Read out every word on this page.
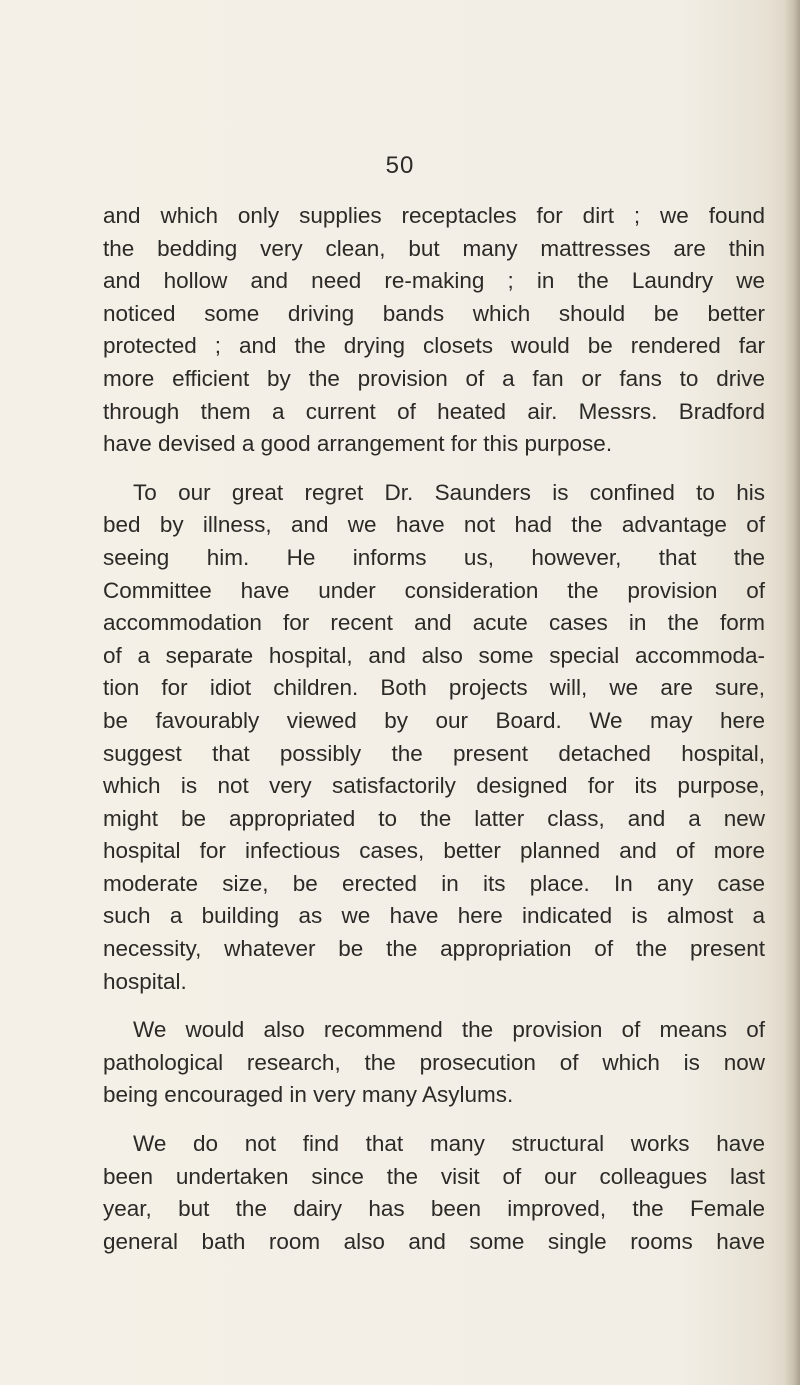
50

and which only supplies receptacles for dirt ; we found
the bedding very clean, but many mattresses are thin
and hollow and need re-making ; in the Laundry we
noticed some driving bands which should be better
protected ; and the drying closets would be rendered far
more efficient by the provision of a fan or fans to drive
through them a current of heated air. Messrs. Bradford
have devised a good arrangement for this purpose.

To our great regret Dr. Saunders is confined to his
bed by illness, and we have not had the advantage of
seeing him. He informs us, however, that the
Committee have under consideration the provision of
accommodation for recent and acute cases in the form
of a separate hospital, and also some special accommoda-
tion for idiot children. Both projects will, we are sure,
be favourably viewed by our Board. We may here
suggest that possibly the present detached hospital,
which is not very satisfactorily designed for its purpose,
might be appropriated to the latter class, and a new
hospital for infectious cases, better planned and of more
moderate size, be erected in its place. In any case
such a building as we have here indicated is almost a
necessity, whatever be the appropriation of the present
hospital.

We would also recommend the provision of means of
pathological research, the prosecution of which is now
being encouraged in very many Asylums.

We do not find that many structural works have
been undertaken since the visit of our colleagues last
year, but the dairy has been improved, the Female
general bath room also and some single rooms have
